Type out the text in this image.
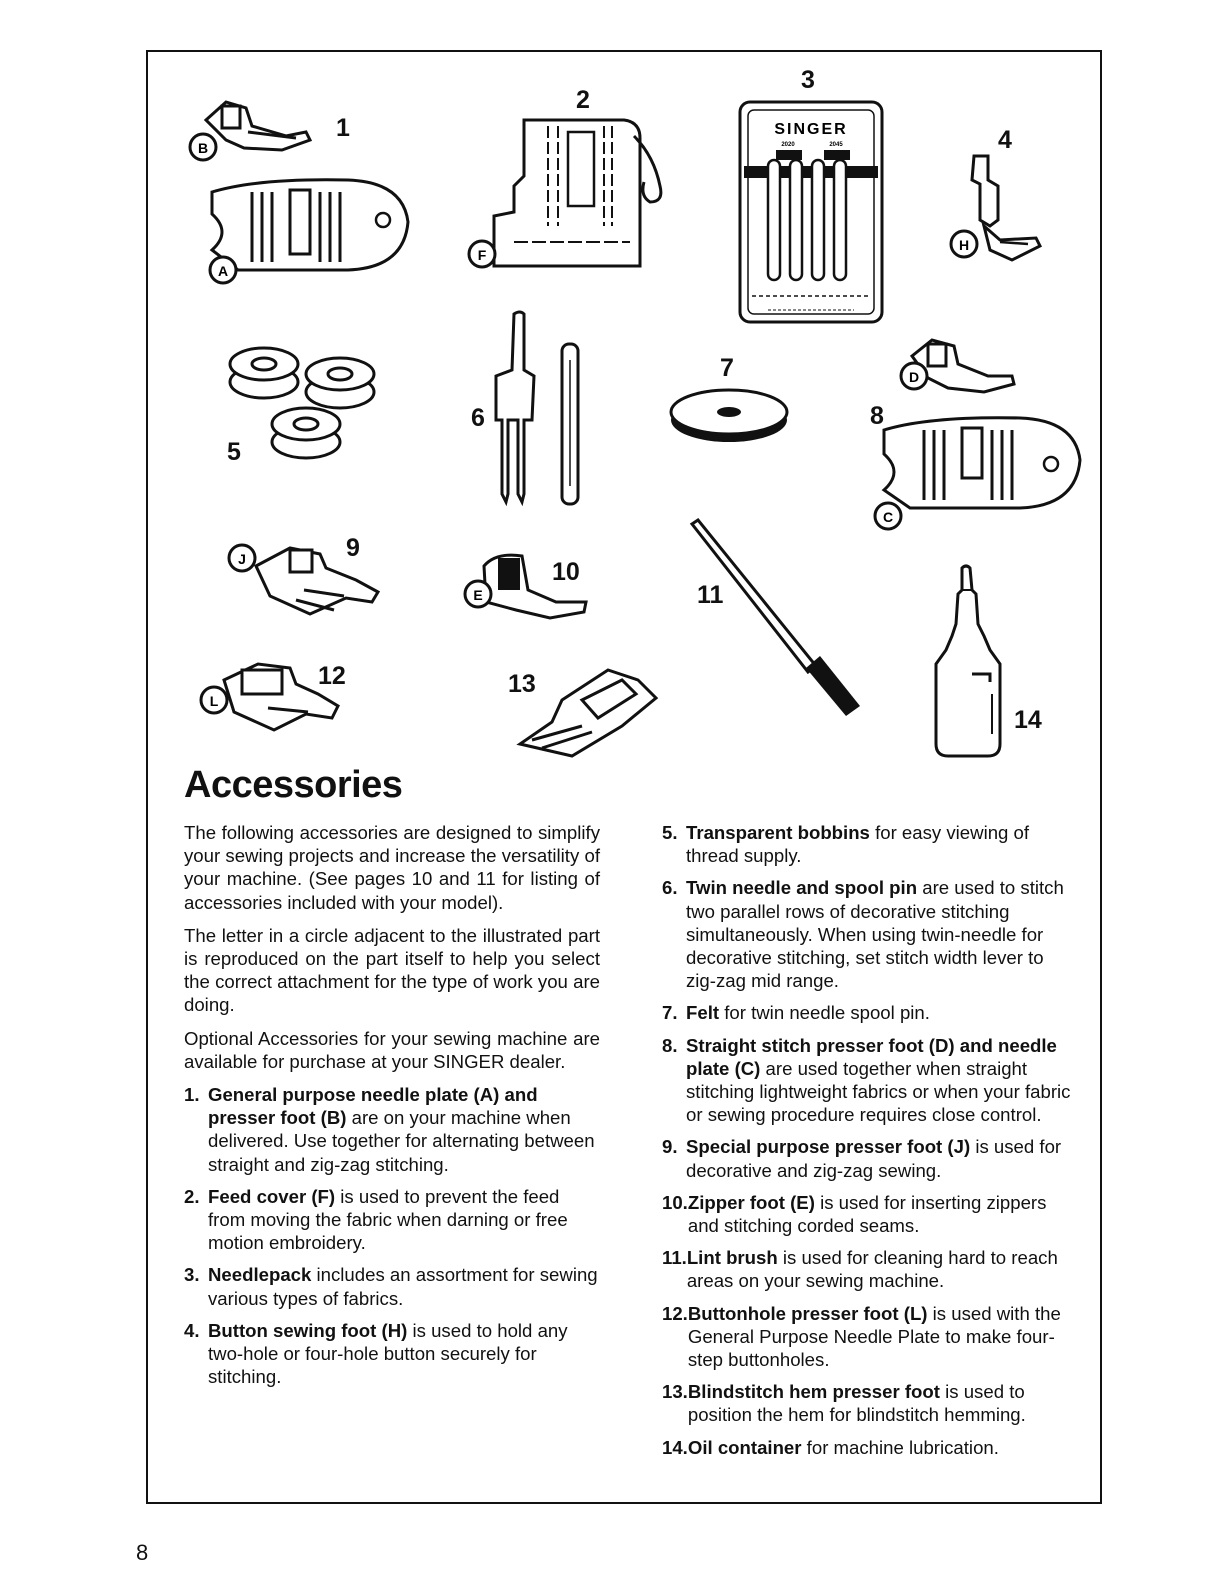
B
1
A
2
F
3
SINGER
2020	2045	4
H
5
6
7	D
8
C
9
J	10
E	11
12
L
13
14
Accessories

The following accessories are designed to simplify your sewing projects and increase the versatility of your machine. (See pages 10 and 11 for listing of accessories included with your model).

The letter in a circle adjacent to the illustrated part is reproduced on the part itself to help you select the correct attachment for the type of work you are doing.

Optional Accessories for your sewing machine are available for purchase at your SINGER dealer.

1. General purpose needle plate (A) and presser foot (B) are on your machine when delivered. Use together for alternating between straight and zig-zag stitching.
2. Feed cover (F) is used to prevent the feed from moving the fabric when darning or free motion embroidery.
3. Needlepack includes an assortment for sewing various types of fabrics.
4. Button sewing foot (H) is used to hold any two-hole or four-hole button securely for stitching.
5. Transparent bobbins for easy viewing of thread supply.
6. Twin needle and spool pin are used to stitch two parallel rows of decorative stitching simultaneously. When using twin-needle for decorative stitching, set stitch width lever to zig-zag mid range.
7. Felt for twin needle spool pin.
8. Straight stitch presser foot (D) and needle plate (C) are used together when straight stitching lightweight fabrics or when your fabric or sewing procedure requires close control.
9. Special purpose presser foot (J) is used for decorative and zig-zag sewing.
10. Zipper foot (E) is used for inserting zippers and stitching corded seams.
11. Lint brush is used for cleaning hard to reach areas on your sewing machine.
12. Buttonhole presser foot (L) is used with the General Purpose Needle Plate to make four-step buttonholes.
13. Blindstitch hem presser foot is used to position the hem for blindstitch hemming.
14. Oil container for machine lubrication.
8
